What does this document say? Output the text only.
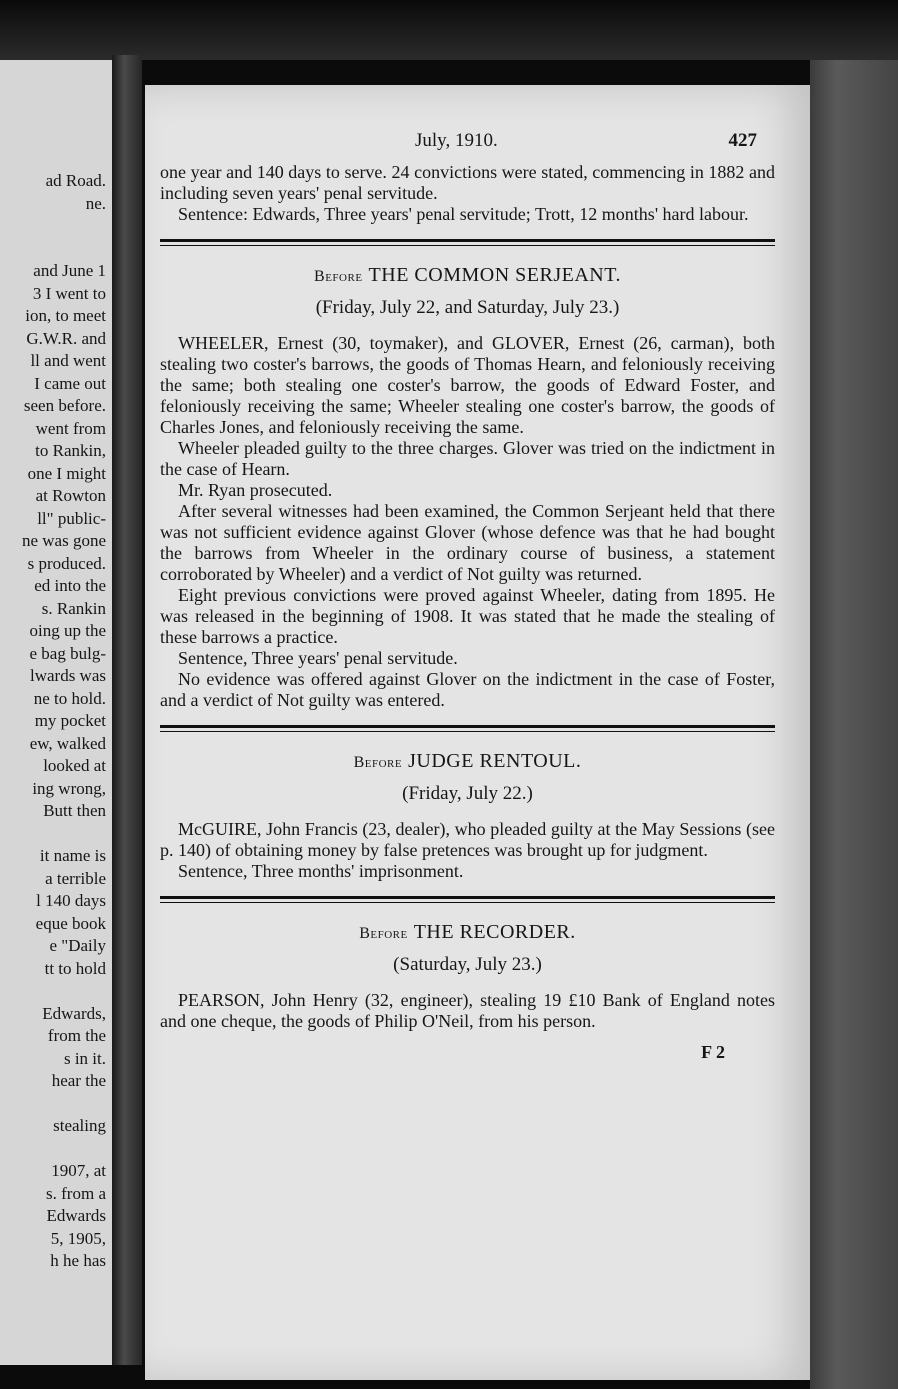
ad Road.
ne.
and June 1
3 I went to
ion, to meet
G.W.R. and
ll and went
I came out
seen before.
went from
to Rankin,
one I might
at Rowton
ll" public-
ne was gone
s produced.
ed into the
s. Rankin
oing up the
e bag bulg-
lwards was
ne to hold.
my pocket
ew, walked
looked at
ing wrong,
Butt then
it name is
a terrible
l 140 days
eque book
e "Daily
tt to hold
Edwards,
from the
s in it.
hear the
stealing
1907, at
s. from a
Edwards
5, 1905,
h he has
July, 1910.	427

one year and 140 days to serve. 24 convictions were stated, commencing in 1882 and including seven years' penal servitude.

Sentence: Edwards, Three years' penal servitude; Trott, 12 months' hard labour.

Before THE COMMON SERJEANT.
(Friday, July 22, and Saturday, July 23.)

WHEELER, Ernest (30, toymaker), and GLOVER, Ernest (26, carman), both stealing two coster's barrows, the goods of Thomas Hearn, and feloniously receiving the same; both stealing one coster's barrow, the goods of Edward Foster, and feloniously receiving the same; Wheeler stealing one coster's barrow, the goods of Charles Jones, and feloniously receiving the same.

Wheeler pleaded guilty to the three charges. Glover was tried on the indictment in the case of Hearn.

Mr. Ryan prosecuted.

After several witnesses had been examined, the Common Serjeant held that there was not sufficient evidence against Glover (whose defence was that he had bought the barrows from Wheeler in the ordinary course of business, a statement corroborated by Wheeler) and a verdict of Not guilty was returned.

Eight previous convictions were proved against Wheeler, dating from 1895. He was released in the beginning of 1908. It was stated that he made the stealing of these barrows a practice.

Sentence, Three years' penal servitude.

No evidence was offered against Glover on the indictment in the case of Foster, and a verdict of Not guilty was entered.

Before JUDGE RENTOUL.
(Friday, July 22.)

McGUIRE, John Francis (23, dealer), who pleaded guilty at the May Sessions (see p. 140) of obtaining money by false pretences was brought up for judgment.

Sentence, Three months' imprisonment.

Before THE RECORDER.
(Saturday, July 23.)

PEARSON, John Henry (32, engineer), stealing 19 £10 Bank of England notes and one cheque, the goods of Philip O'Neil, from his person.

F 2
